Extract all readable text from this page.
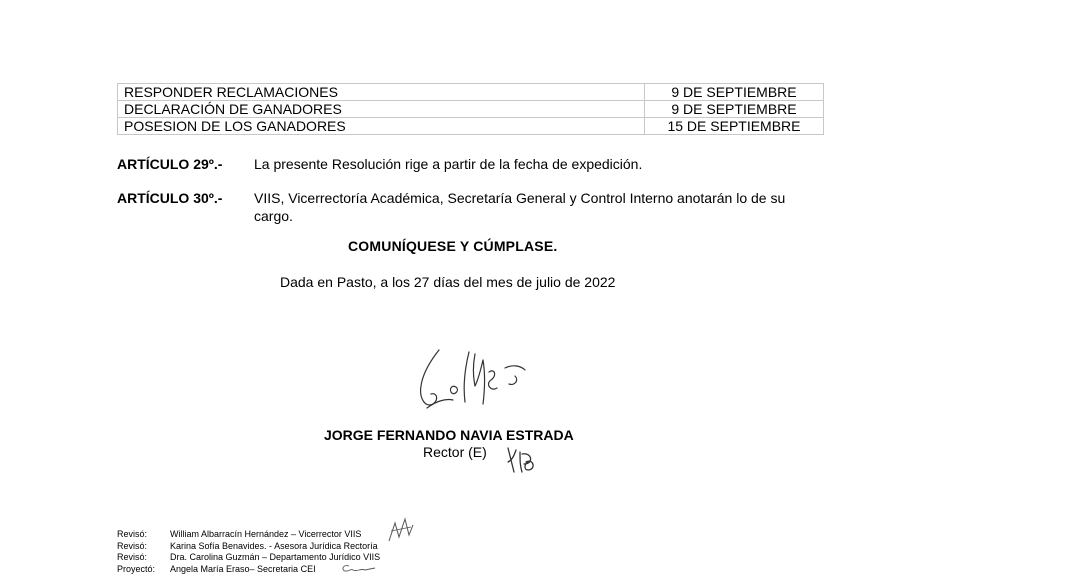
RESPONDER RECLAMACIONES	9 DE SEPTIEMBRE
DECLARACIÓN DE GANADORES	9 DE SEPTIEMBRE
POSESION DE LOS GANADORES	15 DE SEPTIEMBRE
ARTÍCULO 29º.- La presente Resolución rige a partir de la fecha de expedición.
ARTÍCULO 30º.- VIIS, Vicerrectoría Académica, Secretaría General y Control Interno anotarán lo de su cargo.
COMUNÍQUESE Y CÚMPLASE.
Dada en Pasto, a los 27 días del mes de julio de 2022
JORGE FERNANDO NAVIA ESTRADA
Rector (E)
Revisó:	William Albarracín Hernández – Vicerrector VIIS
Revisó:	Karina Sofía Benavides. - Asesora Jurídica Rectoría
Revisó:	Dra. Carolina Guzmán – Departamento Jurídico VIIS
Proyectó: Angela María Eraso– Secretaria CEI
